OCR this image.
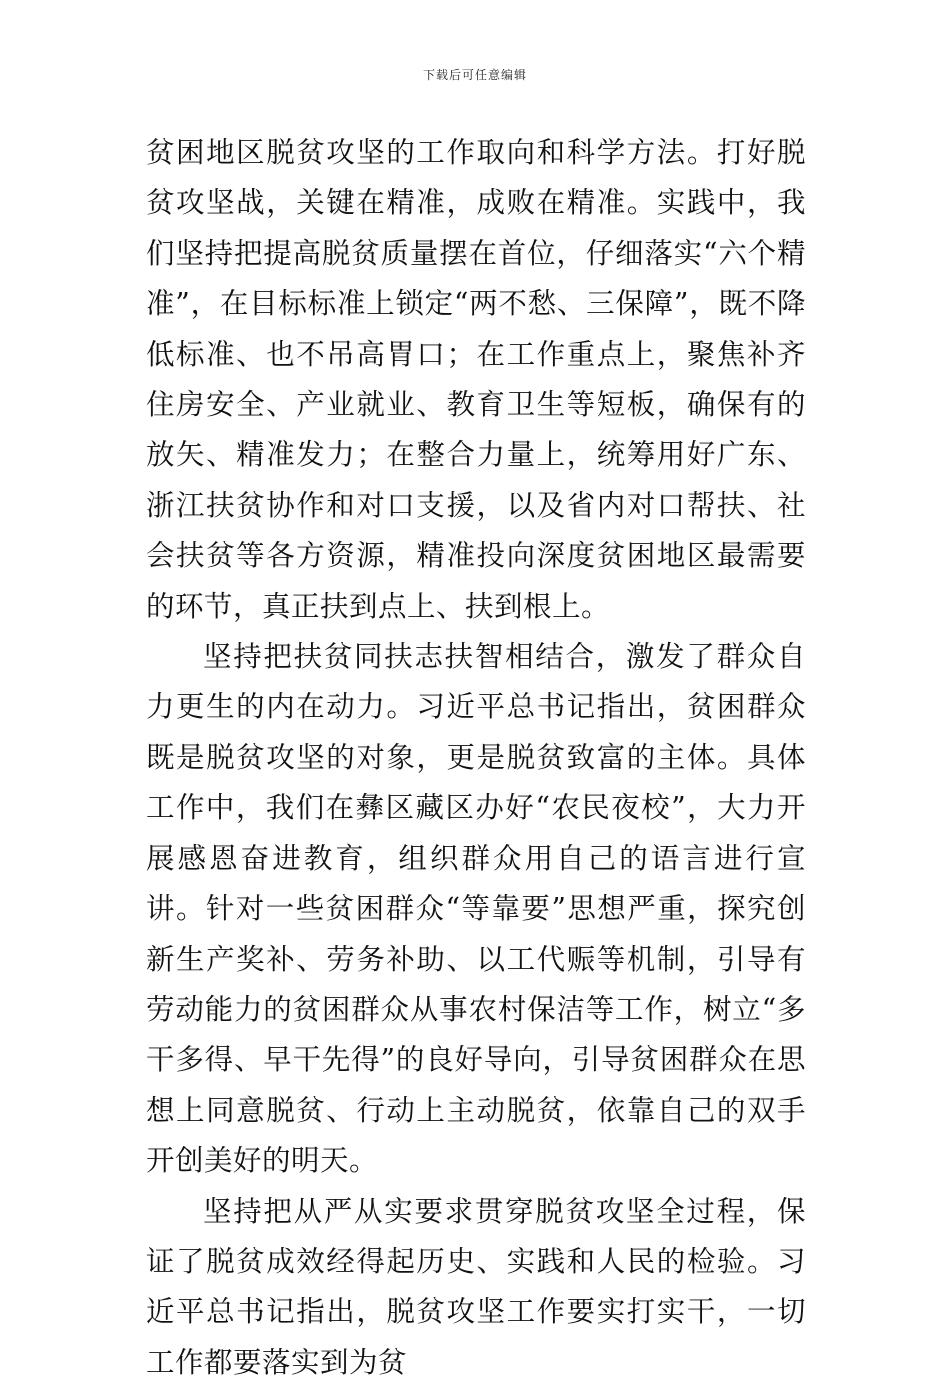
下载后可任意编辑

贫困地区脱贫攻坚的工作取向和科学方法。打好脱贫攻坚战，关键在精准，成败在精准。实践中，我们坚持把提高脱贫质量摆在首位，仔细落实“六个精准”，在目标标准上锁定“两不愁、三保障”，既不降低标准、也不吊高胃口；在工作重点上，聚焦补齐住房安全、产业就业、教育卫生等短板，确保有的放矢、精准发力；在整合力量上，统筹用好广东、浙江扶贫协作和对口支援，以及省内对口帮扶、社会扶贫等各方资源，精准投向深度贫困地区最需要的环节，真正扶到点上、扶到根上。

坚持把扶贫同扶志扶智相结合，激发了群众自力更生的内在动力。习近平总书记指出，贫困群众既是脱贫攻坚的对象，更是脱贫致富的主体。具体工作中，我们在彝区藏区办好“农民夜校”，大力开展感恩奋进教育，组织群众用自己的语言进行宣讲。针对一些贫困群众“等靠要”思想严重，探究创新生产奖补、劳务补助、以工代赈等机制，引导有劳动能力的贫困群众从事农村保洁等工作，树立“多干多得、早干先得”的良好导向，引导贫困群众在思想上同意脱贫、行动上主动脱贫，依靠自己的双手开创美好的明天。

坚持把从严从实要求贯穿脱贫攻坚全过程，保证了脱贫成效经得起历史、实践和人民的检验。习近平总书记指出，脱贫攻坚工作要实打实干，一切工作都要落实到为贫
